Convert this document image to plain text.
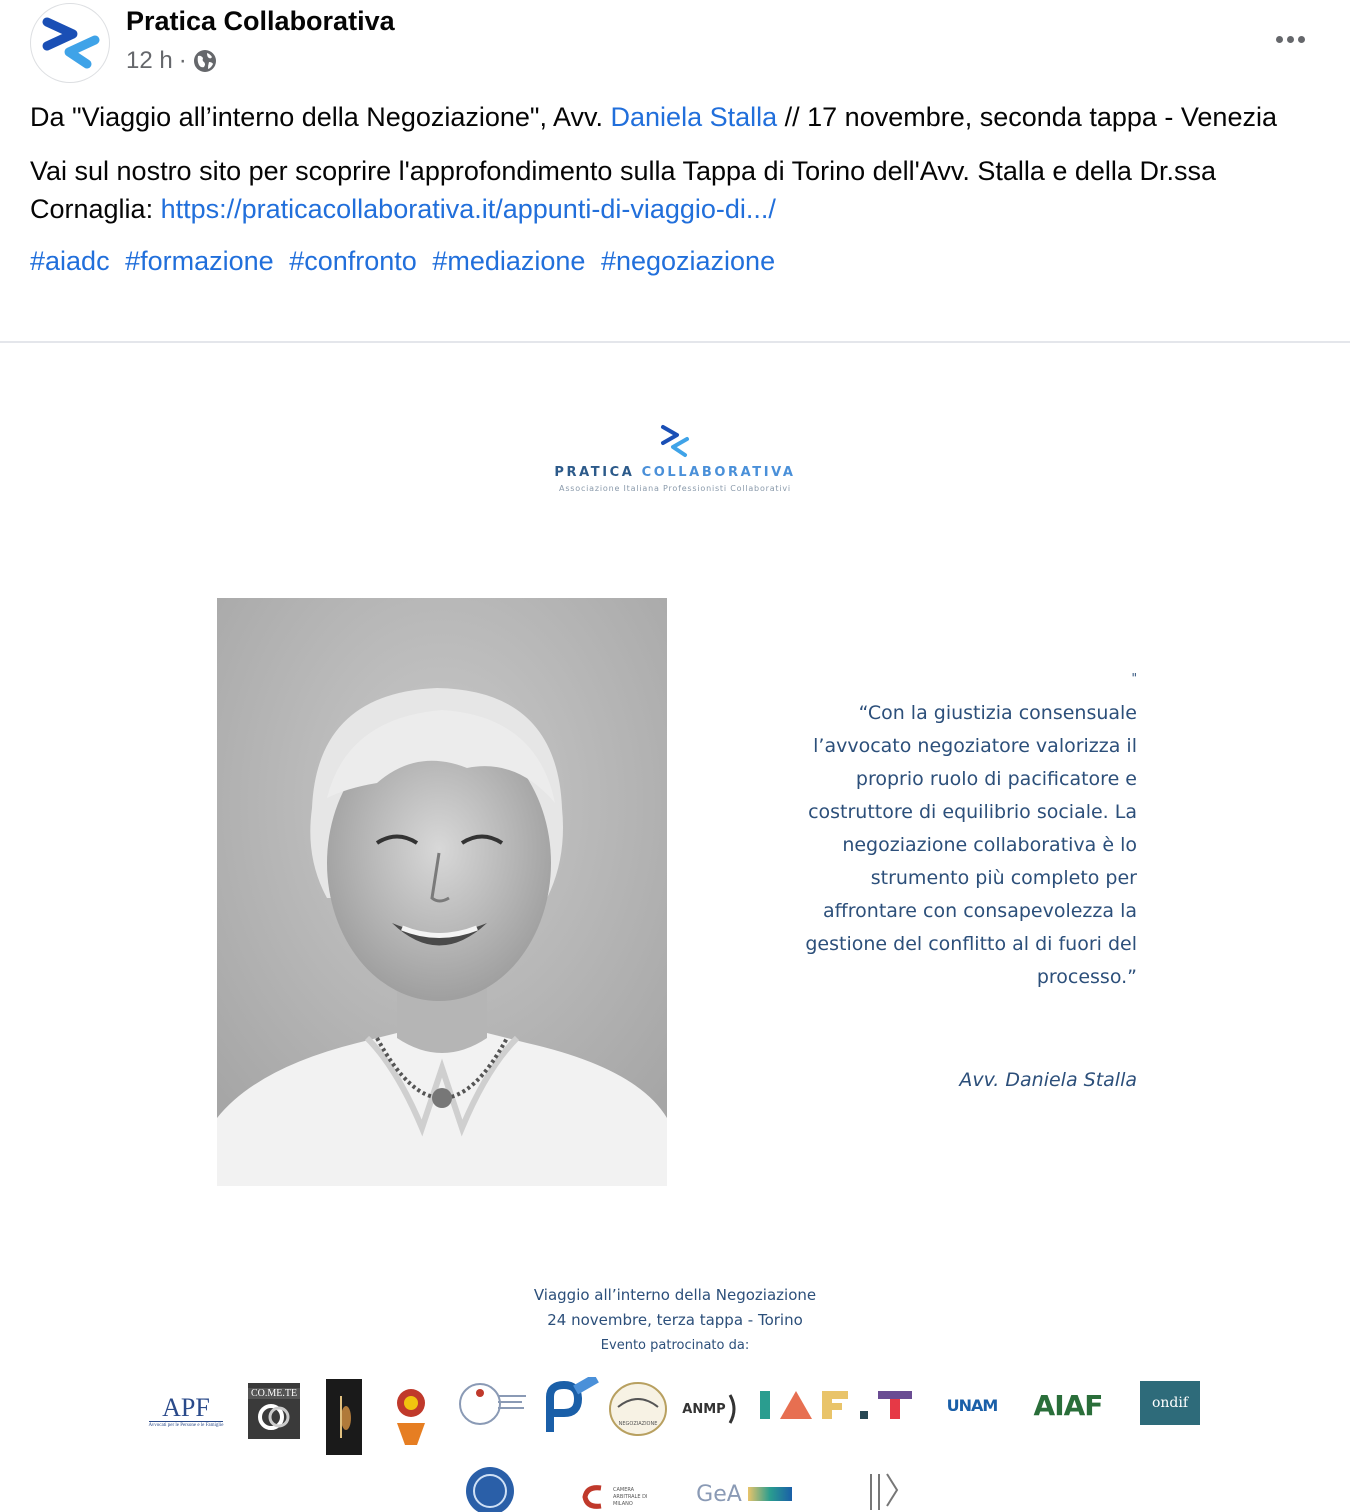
Pratica Collaborativa
12 h ·

Da "Viaggio all’interno della Negoziazione", Avv. Daniela Stalla // 17 novembre, seconda tappa - Venezia

Vai sul nostro sito per scoprire l'approfondimento sulla Tappa di Torino dell'Avv. Stalla e della Dr.ssa Cornaglia: https://praticacollaborativa.it/appunti-di-viaggio-di.../

#aiadc #formazione #confronto #mediazione #negoziazione

PRATICA COLLABORATIVA
Associazione Italiana Professionisti Collaborativi
"
“Con la giustizia consensuale
l’avvocato negoziatore valorizza il
proprio ruolo di pacificatore e
costruttore di equilibrio sociale. La
negoziazione collaborativa è lo
strumento più completo per
affrontare con consapevolezza la
gestione del conflitto al di fuori del
processo.”
Avv. Daniela Stalla
Viaggio all’interno della Negoziazione
24 novembre, terza tappa - Torino
Evento patrocinato da:
APF
Avvocati per le Persone e le Famiglie
CO.ME.TE
NEGOZIAZIONE
ANMP	UNAM AIAF	ondif
CAMERA ARBITRALE DI MILANO	GeA
